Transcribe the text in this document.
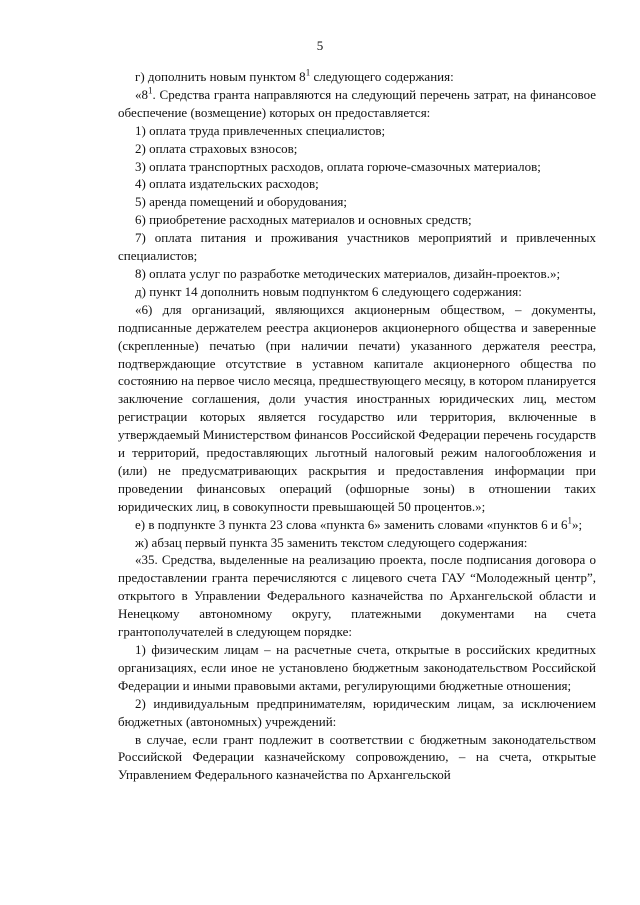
5

г) дополнить новым пунктом $8^1$ следующего содержания:

«$8^1$. Средства гранта направляются на следующий перечень затрат, на финансовое обеспечение (возмещение) которых он предоставляется:

1) оплата труда привлеченных специалистов;

2) оплата страховых взносов;

3) оплата транспортных расходов, оплата горюче-смазочных материалов;

4) оплата издательских расходов;

5) аренда помещений и оборудования;

6) приобретение расходных материалов и основных средств;

7) оплата питания и проживания участников мероприятий и привлеченных специалистов;

8) оплата услуг по разработке методических материалов, дизайн-проектов.»;

д) пункт 14 дополнить новым подпунктом 6 следующего содержания:

«6) для организаций, являющихся акционерным обществом, – документы, подписанные держателем реестра акционеров акционерного общества и заверенные (скрепленные) печатью (при наличии печати) указанного держателя реестра, подтверждающие отсутствие в уставном капитале акционерного общества по состоянию на первое число месяца, предшествующего месяцу, в котором планируется заключение соглашения, доли участия иностранных юридических лиц, местом регистрации которых является государство или территория, включенные в утверждаемый Министерством финансов Российской Федерации перечень государств и территорий, предоставляющих льготный налоговый режим налогообложения и (или) не предусматривающих раскрытия и предоставления информации при проведении финансовых операций (офшорные зоны) в отношении таких юридических лиц, в совокупности превышающей 50 процентов.»;

е) в подпункте 3 пункта 23 слова «пункта 6» заменить словами «пунктов 6 и $6^1$»;

ж) абзац первый пункта 35 заменить текстом следующего содержания:

«35. Средства, выделенные на реализацию проекта, после подписания договора о предоставлении гранта перечисляются с лицевого счета ГАУ “Молодежный центр”, открытого в Управлении Федерального казначейства по Архангельской области и Ненецкому автономному округу, платежными документами на счета грантополучателей в следующем порядке:

1) физическим лицам – на расчетные счета, открытые в российских кредитных организациях, если иное не установлено бюджетным законодательством Российской Федерации и иными правовыми актами, регулирующими бюджетные отношения;

2) индивидуальным предпринимателям, юридическим лицам, за исключением бюджетных (автономных) учреждений:

в случае, если грант подлежит в соответствии с бюджетным законодательством Российской Федерации казначейскому сопровождению, – на счета, открытые Управлением Федерального казначейства по Архангельской
